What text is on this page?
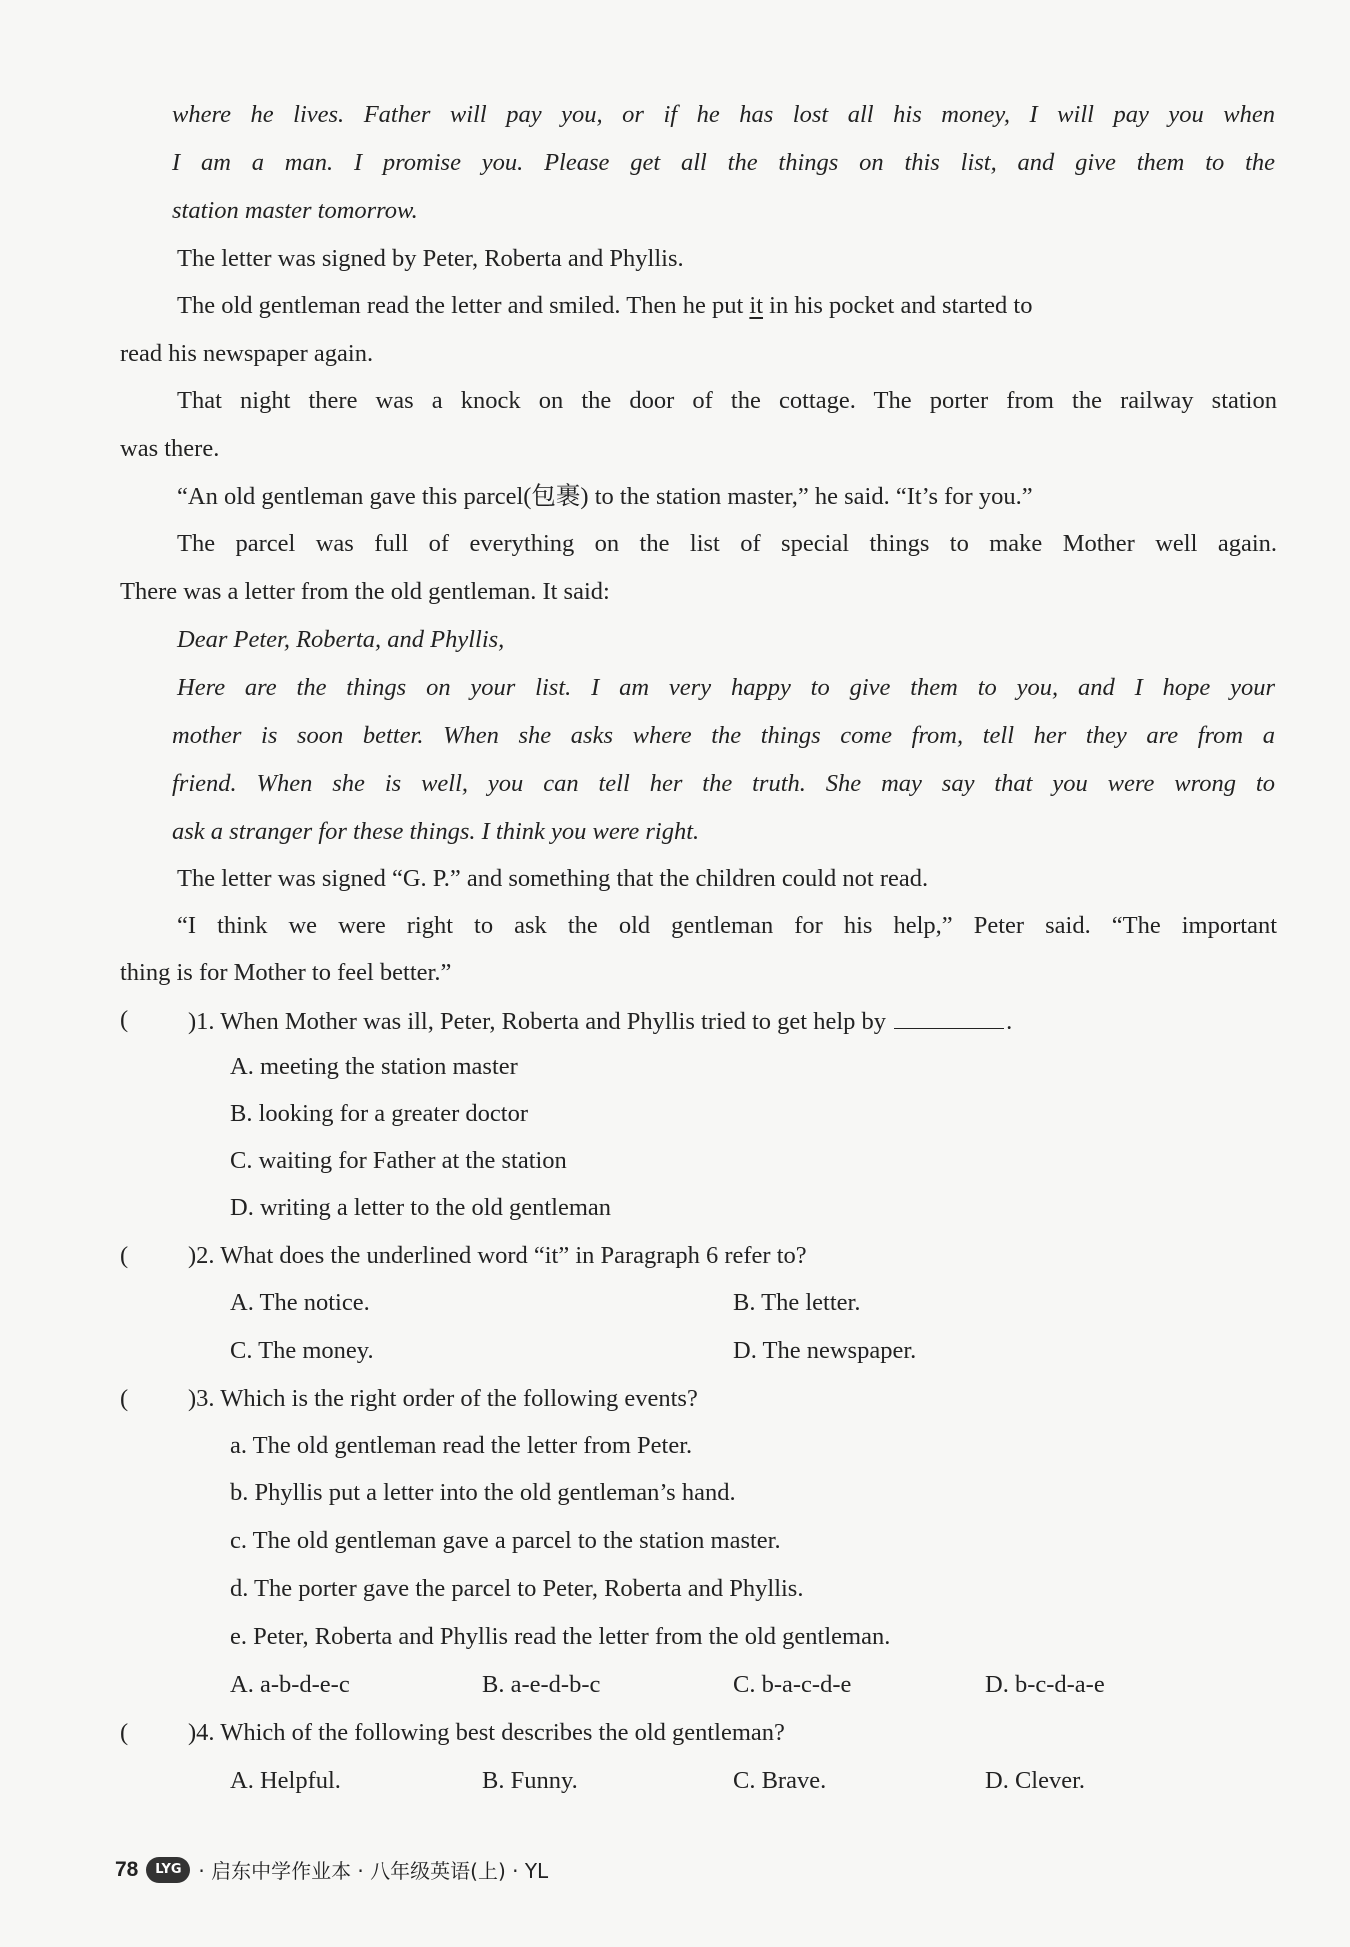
where he lives. Father will pay you, or if he has lost all his money, I will pay you when
I am a man. I promise you. Please get all the things on this list, and give them to the
station master tomorrow.
The letter was signed by Peter, Roberta and Phyllis.
The old gentleman read the letter and smiled. Then he put it in his pocket and started to
read his newspaper again.
That night there was a knock on the door of the cottage. The porter from the railway station
was there.
“An old gentleman gave this parcel(包裹) to the station master,” he said. “It’s for you.”
The parcel was full of everything on the list of special things to make Mother well again.
There was a letter from the old gentleman. It said:
Dear Peter, Roberta, and Phyllis,
Here are the things on your list. I am very happy to give them to you, and I hope your
mother is soon better. When she asks where the things come from, tell her they are from a
friend. When she is well, you can tell her the truth. She may say that you were wrong to
ask a stranger for these things. I think you were right.
The letter was signed “G. P.” and something that the children could not read.
“I think we were right to ask the old gentleman for his help,” Peter said. “The important
thing is for Mother to feel better.”
( )1. When Mother was ill, Peter, Roberta and Phyllis tried to get help by	.
A. meeting the station master
B. looking for a greater doctor
C. waiting for Father at the station
D. writing a letter to the old gentleman
( )2. What does the underlined word “it” in Paragraph 6 refer to?
A. The notice.	B. The letter.
C. The money.	D. The newspaper.
( )3. Which is the right order of the following events?
a. The old gentleman read the letter from Peter.
b. Phyllis put a letter into the old gentleman’s hand.
c. The old gentleman gave a parcel to the station master.
d. The porter gave the parcel to Peter, Roberta and Phyllis.
e. Peter, Roberta and Phyllis read the letter from the old gentleman.
A. a-b-d-e-c	B. a-e-d-b-c	C. b-a-c-d-e	D. b-c-d-a-e
( )4. Which of the following best describes the old gentleman?
A. Helpful.	B. Funny.	C. Brave.	D. Clever.
78	LYG · 启东中学作业本 · 八年级英语(上) · YL
